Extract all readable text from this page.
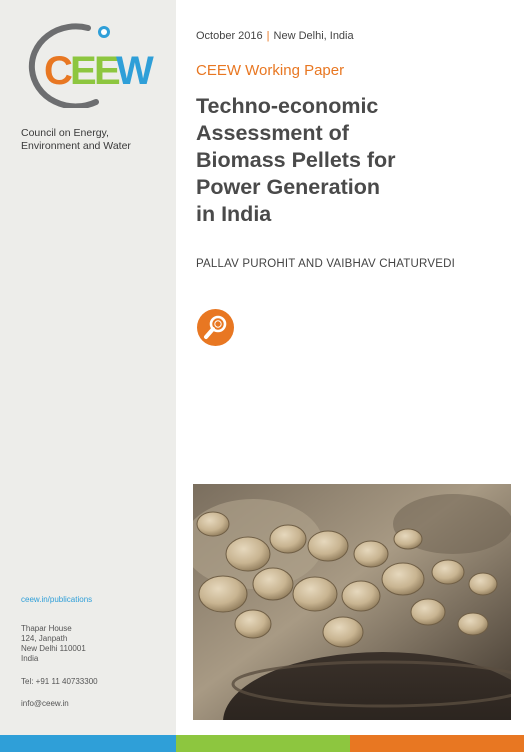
C
E
E
W
Council on Energy,
Environment and Water
ceew.in/publications
Thapar House
124, Janpath
New Delhi 110001
India
Tel: +91 11 40733300
info@ceew.in
October 2016 | New Delhi, India
CEEW Working Paper
Techno-economic
Assessment of
Biomass Pellets for
Power Generation
in India
PALLAV PUROHIT AND VAIBHAV CHATURVEDI
